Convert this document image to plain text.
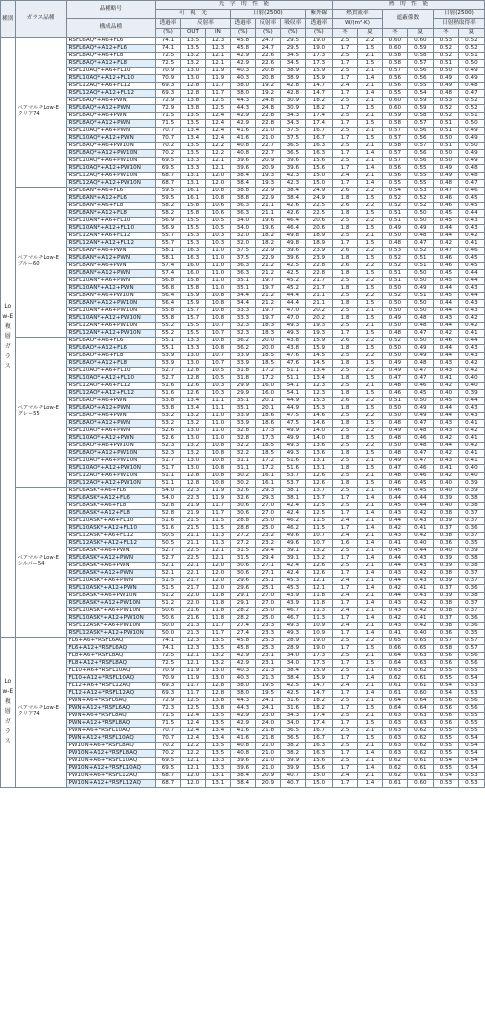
種別	ガラス品種	品種略号	光　学　的　性　能							熱　的　性　能					
			可　視　光			日射(2500)			紫外線	熱貫流率		遮蔽係数		日射(2500)	
		構成品種	透過率	反射率		透過率	反射率	吸収率	透過率	W/(m²·K)				日射熱取得率	
			(%)	OUT	IN	(%)	(%)	(%)	(%)	冬	夏	冬	夏	冬	夏
Low-E複層ガラス	ペアマルチLow-E クリア74	RSFL6AQ*+A6+FL6	74.1	13.5	12.3	45.8	24.7	29.5	19.0	2.5	2.2	0.60	0.60	0.53	0.52
		RSFL6AQ*+A12+FL6	74.1	13.5	12.3	45.8	24.7	29.5	19.0	1.7	1.5	0.60	0.59	0.52	0.52
		RSFL8AQ*+A6+FL8	72.5	13.2	12.1	42.9	22.6	34.5	17.3	2.5	2.1	0.58	0.58	0.52	0.51
		RSFL8AQ*+A12+FL8	72.5	13.2	12.1	42.9	22.6	34.5	17.3	1.7	1.5	0.58	0.57	0.51	0.50
		RSFL10AQ*+A6+FL10	70.9	13.0	11.9	40.3	20.8	38.9	15.9	2.5	2.1	0.57	0.56	0.50	0.49
		RSFL10AQ*+A12+FL10	70.9	13.0	11.9	40.3	20.8	38.9	15.9	1.7	1.4	0.56	0.56	0.49	0.49
		RSFL12AQ*+A6+FL12	69.3	12.8	11.7	38.0	19.2	42.8	14.7	2.4	2.1	0.56	0.55	0.49	0.48
		RSFL12AQ*+A12+FL12	69.3	12.8	11.7	38.0	19.2	42.8	14.7	1.7	1.4	0.55	0.54	0.48	0.47
		RSFL6AQ*+A6+PWN	72.9	13.8	12.5	44.3	24.8	30.9	18.2	2.5	2.1	0.60	0.59	0.53	0.52
		RSFL6AQ*+A12+PWN	72.9	13.8	12.5	44.3	24.8	30.9	18.2	1.7	1.5	0.60	0.59	0.52	0.52
		RSFL8AQ*+A6+PWN	71.5	13.5	12.4	42.9	22.8	34.3	17.4	2.5	2.1	0.59	0.58	0.52	0.51
		RSFL8AQ*+A12+PWN	71.5	13.5	12.4	42.9	22.8	34.3	17.4	1.7	1.5	0.58	0.57	0.51	0.50
		RSFL10AQ*+A6+PWN	70.7	13.4	12.4	41.6	21.0	37.5	16.7	2.5	2.1	0.57	0.56	0.51	0.49
		RSFL10AQ*+A12+PWN	70.7	13.4	12.4	41.6	21.0	37.5	16.7	1.7	1.5	0.57	0.56	0.50	0.49
		RSFL8AQ*+A6+PW10N	70.2	13.5	12.2	40.8	22.7	36.5	16.3	2.5	2.1	0.58	0.57	0.51	0.50
		RSFL8AQ*+A12+PW10N	70.2	13.5	12.2	40.8	22.7	36.5	16.3	1.7	1.4	0.57	0.56	0.50	0.49
		RSFL10AQ*+A6+PW10N	69.5	13.3	12.1	39.6	20.9	39.6	15.6	2.5	2.1	0.57	0.56	0.50	0.49
		RSFL10AQ*+A12+PW10N	69.5	13.3	12.1	39.6	20.9	39.6	15.6	1.7	1.4	0.56	0.55	0.49	0.48
		RSFL12AQ*+A6+PW10N	68.7	13.1	12.0	38.4	19.3	42.3	15.0	2.4	2.1	0.56	0.55	0.49	0.48
		RSFL12AQ*+A12+PW10N	68.7	13.1	12.0	38.4	19.3	42.3	15.0	1.7	1.4	0.55	0.55	0.48	0.47
	ペアマルチLow-E ブルー60	RSFL6AN*+A6+FL6	59.5	16.1	10.8	38.8	22.9	38.4	24.9	2.6	2.2	0.54	0.53	0.47	0.46
		RSFL6AN*+A12+FL6	59.5	16.1	10.8	38.8	22.9	38.4	24.9	1.8	1.5	0.52	0.52	0.46	0.45
		RSFL8AN*+A6+FL8	58.2	15.8	10.6	36.3	21.1	42.6	22.5	2.6	2.2	0.52	0.52	0.46	0.45
		RSFL8AN*+A12+FL8	58.2	15.8	10.6	36.3	21.1	42.6	22.5	1.8	1.5	0.51	0.50	0.45	0.44
		RSFL10AN*+A6+FL10	56.9	15.5	10.5	34.0	19.6	46.4	20.6	2.5	2.2	0.51	0.50	0.45	0.43
		RSFL10AN*+A12+FL10	56.9	15.5	10.5	34.0	19.6	46.4	20.6	1.8	1.5	0.49	0.49	0.44	0.43
		RSFL12AN*+A6+FL12	55.7	15.3	10.3	32.0	18.2	49.8	18.9	2.5	2.1	0.50	0.48	0.44	0.42
		RSFL12AN*+A12+FL12	55.7	15.3	10.3	32.0	18.2	49.8	18.9	1.7	1.5	0.48	0.47	0.42	0.41
		RSFL6AN*+A6+PWN	58.1	16.3	11.0	37.5	22.9	39.6	23.9	2.6	2.2	0.53	0.52	0.47	0.46
		RSFL6AN*+A12+PWN	58.1	16.3	11.0	37.5	22.9	39.6	23.9	1.8	1.5	0.52	0.51	0.46	0.45
		RSFL8AN*+A6+PWN	57.4	16.0	11.0	36.3	21.2	42.5	22.8	2.6	2.2	0.52	0.51	0.46	0.45
		RSFL8AN*+A12+PWN	57.4	16.0	11.0	36.3	21.2	42.5	22.8	1.8	1.5	0.51	0.50	0.45	0.44
		RSFL10AN*+A6+PWN	56.8	15.8	11.0	35.1	19.7	45.2	21.7	2.5	2.2	0.51	0.50	0.45	0.44
		RSFL10AN*+A12+PWN	56.8	15.8	11.0	35.1	19.7	45.2	21.7	1.8	1.5	0.50	0.49	0.44	0.43
		RSFL8AN*+A6+PW10N	56.4	15.9	10.8	34.4	21.2	44.4	21.1	2.5	2.2	0.52	0.51	0.45	0.44
		RSFL8AN*+A12+PW10N	56.4	15.9	10.8	34.4	21.2	44.4	21.1	1.8	1.5	0.50	0.50	0.44	0.43
		RSFL10AN*+A6+PW10N	55.8	15.7	10.8	33.3	19.7	47.0	20.2	2.5	2.1	0.50	0.50	0.44	0.43
		RSFL10AN*+A12+PW10N	55.8	15.7	10.8	33.3	19.7	47.0	20.2	1.8	1.5	0.49	0.48	0.43	0.42
		RSFL12AN*+A6+PW10N	55.2	15.5	10.7	32.3	18.3	49.3	19.3	2.5	2.1	0.50	0.48	0.44	0.42
		RSFL12AN*+A12+PW10N	55.2	15.5	10.7	32.3	18.3	49.3	19.3	1.7	1.5	0.48	0.47	0.42	0.41
	ペアマルチLow-E グレー55	RSFL6AO*+A6+FL6	55.1	13.3	10.8	36.2	20.0	43.8	15.9	2.6	2.2	0.52	0.50	0.46	0.44
		RSFL6AO*+A12+FL6	55.1	13.3	10.8	36.2	20.0	43.8	15.9	1.8	1.5	0.50	0.49	0.44	0.43
		RSFL8AO*+A6+FL8	53.9	13.0	10.7	33.9	18.5	47.6	14.5	2.5	2.2	0.50	0.49	0.44	0.43
		RSFL8AO*+A12+FL8	53.9	13.0	10.7	33.9	18.5	47.6	14.5	1.8	1.5	0.49	0.48	0.43	0.42
		RSFL10AO*+A6+FL10	52.7	12.8	10.5	31.8	17.2	51.1	13.4	2.5	2.2	0.49	0.47	0.43	0.42
		RSFL10AO*+A12+FL10	52.7	12.8	10.5	31.8	17.2	51.1	13.4	1.8	1.5	0.47	0.47	0.41	0.40
		RSFL12AO*+A6+FL12	51.6	12.6	10.3	29.9	16.0	54.1	12.3	2.5	2.1	0.48	0.46	0.42	0.40
		RSFL12AO*+A12+FL12	51.6	12.6	10.3	29.9	16.0	54.1	12.3	1.8	1.5	0.46	0.45	0.40	0.39
		RSFL6AO*+A6+PWN	53.8	13.4	11.1	35.1	20.1	44.9	15.3	2.6	2.2	0.51	0.50	0.45	0.44
		RSFL6AO*+A12+PWN	53.8	13.4	11.1	35.1	20.1	44.9	15.3	1.8	1.5	0.50	0.49	0.44	0.43
		RSFL8AO*+A6+PWN	53.2	13.2	11.0	33.9	18.6	47.5	14.6	2.5	2.2	0.50	0.49	0.44	0.43
		RSFL8AO*+A12+PWN	53.2	13.2	11.0	33.9	18.6	47.5	14.6	1.8	1.5	0.48	0.47	0.43	0.41
		RSFL10AO*+A6+PWN	52.6	13.0	11.0	32.8	17.3	49.9	14.0	2.5	2.2	0.49	0.48	0.43	0.42
		RSFL10AO*+A12+PWN	52.6	13.0	11.0	32.8	17.3	49.9	14.0	1.8	1.5	0.48	0.46	0.42	0.41
		RSFL8AO*+A6+PW10N	52.3	13.2	10.8	32.2	18.5	49.3	13.6	2.5	2.2	0.50	0.48	0.44	0.42
		RSFL8AO*+A12+PW10N	52.3	13.2	10.8	32.2	18.5	49.3	13.6	1.8	1.5	0.48	0.47	0.42	0.41
		RSFL10AO*+A6+PW10N	51.7	13.0	10.8	31.1	17.2	51.6	13.1	2.5	2.1	0.49	0.47	0.43	0.41
		RSFL10AO*+A12+PW10N	51.7	13.0	10.8	31.1	17.2	51.6	13.1	1.8	1.5	0.47	0.46	0.41	0.40
		RSFL12AO*+A6+PW10N	51.1	12.8	10.8	30.2	16.1	53.7	12.6	2.5	2.1	0.48	0.46	0.42	0.40
		RSFL12AO*+A12+PW10N	51.1	12.8	10.8	30.2	16.1	53.7	12.6	1.8	1.5	0.46	0.45	0.40	0.39
	ペアマルチLow-E シルバー54	RSFL6ASK*+A6+FL6	54.0	22.3	11.9	32.6	29.3	38.1	13.7	2.5	2.1	0.46	0.45	0.40	0.39
		RSFL6ASK*+A12+FL6	54.0	22.3	11.9	32.6	29.3	38.1	13.7	1.7	1.4	0.44	0.44	0.39	0.38
		RSFL8ASK*+A6+FL8	52.8	21.9	11.7	30.6	27.0	42.4	12.5	2.5	2.1	0.45	0.44	0.40	0.38
		RSFL8ASK*+A12+FL8	52.8	21.9	11.7	30.6	27.0	42.4	12.5	1.7	1.4	0.43	0.42	0.38	0.37
		RSFL10ASK*+A6+FL10	51.6	21.5	11.5	28.8	25.0	46.2	11.5	2.4	2.1	0.44	0.43	0.39	0.37
		RSFL10ASK*+A12+FL10	51.6	21.5	11.5	28.8	25.0	46.2	11.5	1.7	1.4	0.42	0.41	0.37	0.36
		RSFL12ASK*+A6+FL12	50.5	21.1	11.3	27.2	23.2	49.6	10.7	2.4	2.1	0.43	0.42	0.38	0.37
		RSFL12ASK*+A12+FL12	50.5	21.1	11.3	27.2	23.2	49.6	10.7	1.6	1.4	0.41	0.40	0.36	0.35
		RSFL6ASK*+A6+PWN	52.7	22.5	12.1	31.5	29.4	39.1	13.2	2.5	2.1	0.45	0.44	0.40	0.39
		RSFL6ASK*+A12+PWN	52.7	22.5	12.1	31.5	29.4	39.1	13.2	1.7	1.4	0.44	0.43	0.39	0.38
		RSFL8ASK*+A6+PWN	52.1	22.1	12.0	30.6	27.1	42.4	12.6	2.5	2.1	0.44	0.43	0.39	0.38
		RSFL8ASK*+A12+PWN	52.1	22.1	12.0	30.6	27.1	42.4	12.6	1.7	1.4	0.43	0.42	0.38	0.37
		RSFL10ASK*+A6+PWN	51.5	21.7	12.0	29.6	25.1	45.3	12.1	2.4	2.1	0.44	0.43	0.39	0.37
		RSFL10ASK*+A12+PWN	51.5	21.7	12.0	29.6	25.1	45.3	12.1	1.7	1.4	0.42	0.41	0.37	0.36
		RSFL8ASK*+A6+PW10N	51.2	22.0	11.8	29.1	27.0	43.9	11.8	2.4	2.1	0.44	0.43	0.39	0.38
		RSFL8ASK*+A12+PW10N	51.2	22.0	11.8	29.1	27.0	43.9	11.8	1.7	1.4	0.43	0.42	0.38	0.37
		RSFL10ASK*+A6+PW10N	50.6	21.6	11.8	28.2	25.0	46.7	11.3	2.4	2.1	0.43	0.42	0.38	0.37
		RSFL10ASK*+A12+PW10N	50.6	21.6	11.8	28.2	25.0	46.7	11.3	1.7	1.4	0.42	0.41	0.37	0.36
		RSFL12ASK*+A6+PW10N	50.0	21.3	11.7	27.4	23.3	49.3	10.9	2.4	2.1	0.43	0.42	0.38	0.36
		RSFL12ASK*+A12+PW10N	50.0	21.3	11.7	27.4	23.3	49.3	10.9	1.7	1.4	0.41	0.40	0.36	0.35
Low-E複層ガラス	ペアマルチLow-E クリア74	FL6+A6+*RSFL6AQ	74.1	12.3	13.5	45.8	25.3	28.9	19.0	2.5	2.2	0.65	0.65	0.57	0.57
		FL6+A12+*RSFL6AQ	74.1	12.3	13.5	45.8	25.3	28.9	19.0	1.7	1.5	0.66	0.65	0.58	0.57
		FL8+A6+*RSFL8AQ	72.5	12.1	13.2	42.9	23.1	34.0	17.3	2.5	2.1	0.64	0.63	0.56	0.56
		FL8+A12+*RSFL8AQ	72.5	12.1	13.2	42.9	23.1	34.0	17.3	1.7	1.5	0.64	0.63	0.56	0.56
		FL10+A6+*RSFL10AQ	70.9	11.9	13.0	40.3	21.3	38.4	15.9	2.5	2.1	0.63	0.62	0.55	0.55
		FL10+A12+*RSFL10AQ	70.9	11.9	13.0	40.3	21.3	38.4	15.9	1.7	1.4	0.62	0.61	0.55	0.54
		FL12+A6+*RSFL12AQ	69.3	11.7	12.8	38.0	19.5	42.5	14.7	2.4	2.1	0.61	0.61	0.54	0.53
		FL12+A12+*RSFL12AQ	69.3	11.7	12.8	38.0	19.5	42.5	14.7	1.7	1.4	0.61	0.60	0.54	0.53
		PWN+A6+*RSFL6AQ	72.9	12.5	13.8	44.3	24.1	31.6	18.2	2.5	2.1	0.64	0.64	0.56	0.56
		PWN+A12+*RSFL6AQ	72.3	12.5	13.8	44.3	24.1	31.6	18.2	1.7	1.5	0.64	0.64	0.56	0.56
		PWN+A6+*RSFL8AQ	71.5	12.4	13.5	42.9	23.0	34.3	17.4	2.5	2.1	0.63	0.63	0.56	0.55
		PWN+A12+*RSFL8AQ	71.5	12.4	13.5	42.9	24.0	34.0	17.4	1.7	1.5	0.63	0.63	0.56	0.55
		PWN+A6+*RSFL10AQ	70.7	12.4	13.4	41.6	21.8	36.5	16.7	2.5	2.1	0.63	0.62	0.55	0.55
		PWN+A12+*RSFL10AQ	70.7	12.4	13.4	41.6	21.8	36.5	16.7	1.7	1.5	0.63	0.62	0.55	0.54
		PW10N+A6+*RSFL8AQ	70.2	12.2	13.5	40.8	21.0	38.2	16.3	2.5	2.1	0.63	0.62	0.55	0.54
		PW10N+A12+*RSFL8AQ	70.2	12.2	13.5	40.8	21.0	38.2	16.3	1.7	1.4	0.63	0.62	0.55	0.54
		PW10N+A6+*RSFL10AQ	69.5	12.1	13.3	39.6	21.0	39.9	15.6	2.5	2.1	0.62	0.61	0.54	0.54
		PW10N+A12+*RSFL10AQ	69.5	12.1	13.3	39.6	21.0	39.9	15.6	1.7	1.4	0.62	0.61	0.55	0.54
		PW10N+A6+*RSFL12AQ	68.7	12.0	13.1	38.4	20.9	40.7	15.0	2.4	2.1	0.62	0.61	0.54	0.53
		PW10N+A12+*RSFL12AQ	68.7	12.0	13.1	38.4	20.9	40.7	15.0	1.7	1.4	0.61	0.60	0.53	0.53
